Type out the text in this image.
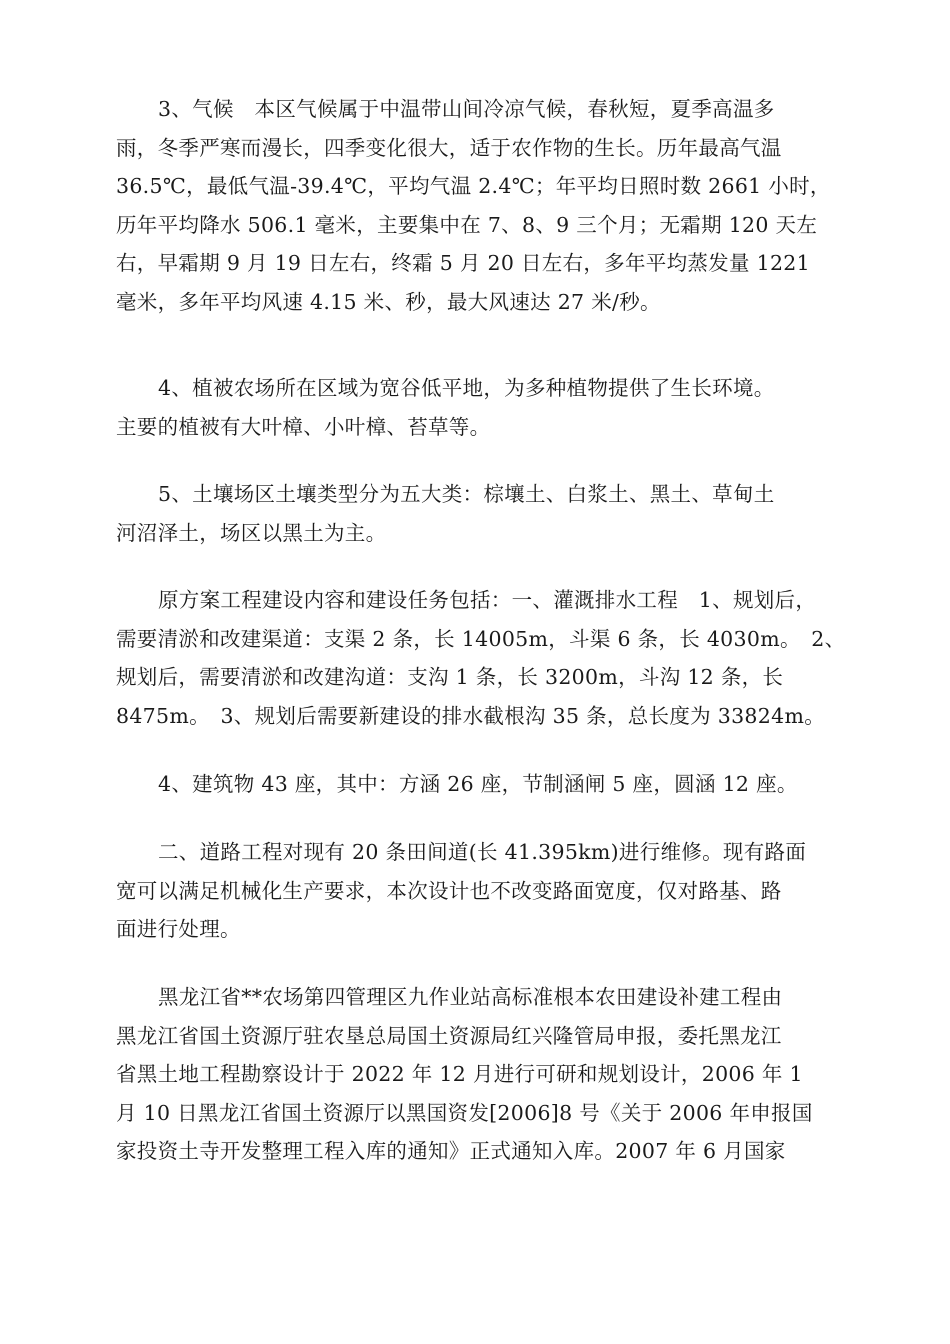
3、气候　本区气候属于中温带山间冷凉气候，春秋短，夏季高温多
雨，冬季严寒而漫长，四季变化很大，适于农作物的生长。历年最高气温
36.5℃，最低气温-39.4℃，平均气温 2.4℃；年平均日照时数 2661 小时，
历年平均降水 506.1 毫米，主要集中在 7、8、9 三个月；无霜期 120 天左
右，早霜期 9 月 19 日左右，终霜 5 月 20 日左右，多年平均蒸发量 1221
毫米，多年平均风速 4.15 米、秒，最大风速达 27 米/秒。

4、植被农场所在区域为宽谷低平地，为多种植物提供了生长环境。
主要的植被有大叶樟、小叶樟、苔草等。

5、土壤场区土壤类型分为五大类：棕壤土、白浆土、黑土、草甸土
河沼泽土，场区以黑土为主。

原方案工程建设内容和建设任务包括：一、灌溉排水工程　1、规划后，
需要清淤和改建渠道：支渠 2 条，长 14005m，斗渠 6 条，长 4030m。　2、
规划后，需要清淤和改建沟道：支沟 1 条，长 3200m，斗沟 12 条，长
8475m。　3、规划后需要新建设的排水截根沟 35 条，总长度为 33824m。

4、建筑物 43 座，其中：方涵 26 座，节制涵闸 5 座，圆涵 12 座。

二、道路工程对现有 20 条田间道(长 41.395km)进行维修。现有路面
宽可以满足机械化生产要求，本次设计也不改变路面宽度，仅对路基、路
面进行处理。

黑龙江省**农场第四管理区九作业站高标准根本农田建设补建工程由
黑龙江省国土资源厅驻农垦总局国土资源局红兴隆管局申报，委托黑龙江
省黑土地工程勘察设计于 2022 年 12 月进行可研和规划设计，2006 年 1
月 10 日黑龙江省国土资源厅以黑国资发[2006]8 号《关于 2006 年申报国
家投资土寺开发整理工程入库的通知》正式通知入库。2007 年 6 月国家
